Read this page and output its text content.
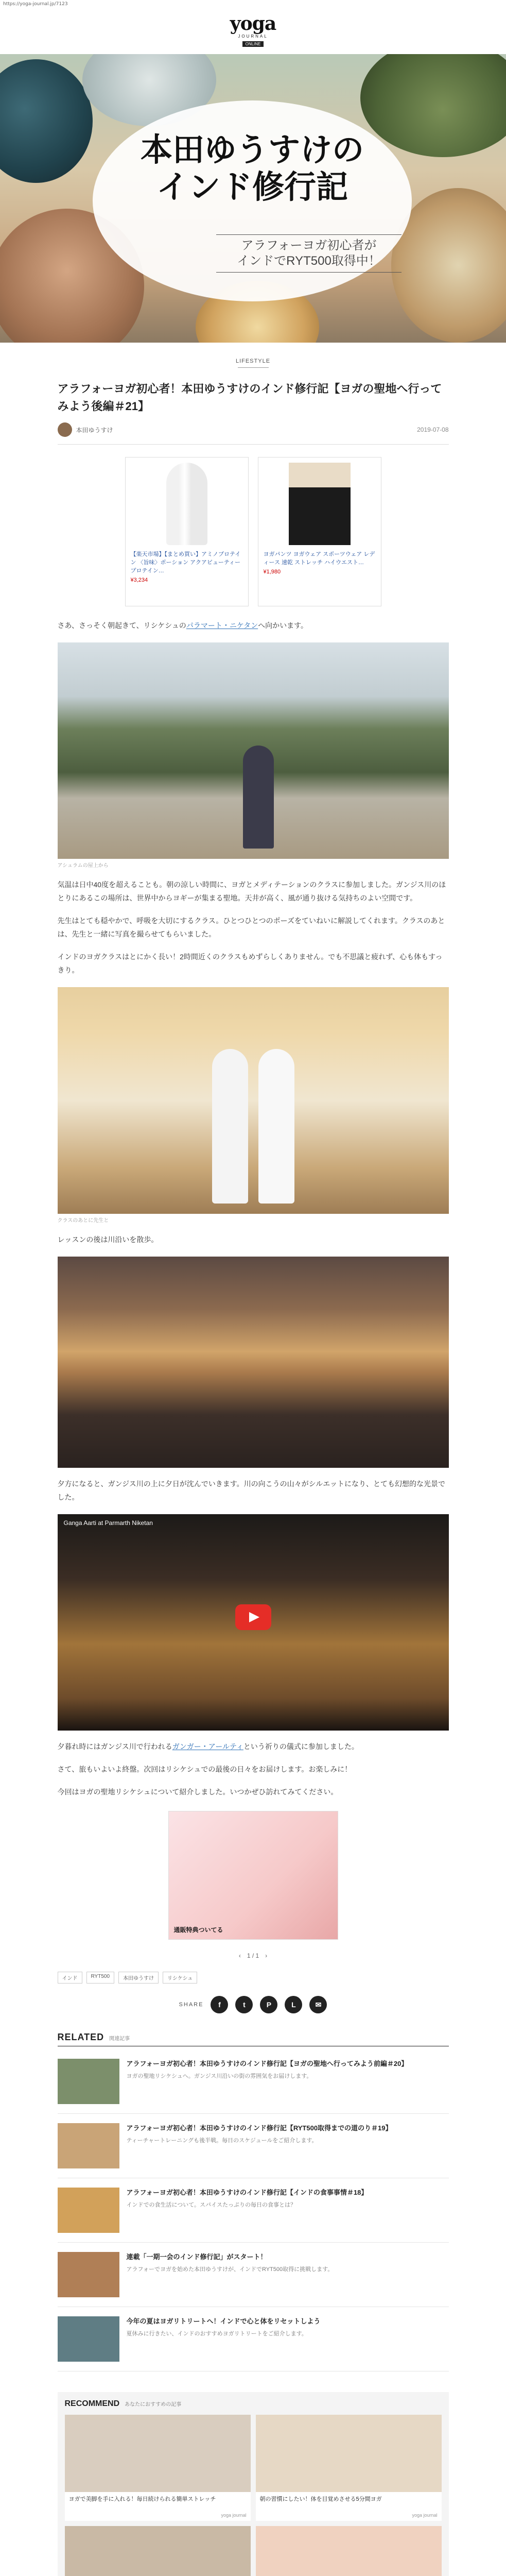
https://yoga-journal.jp/7123
yoga
JOURNAL
ONLINE
本田ゆうすけの
インド修行記
アラフォーヨガ初心者が
インドでRYT500取得中！
LIFESTYLE
アラフォーヨガ初心者！本田ゆうすけのインド修行記【ヨガの聖地へ行ってみよう後編＃21】
本田ゆうすけ	2019-07-08
【楽天市場】【まとめ買い】アミノプロテイン 〈旨味〉ポーション アクアビューティープロテイン…
¥3,234
ヨガパンツ ヨガウェア スポーツウェア レディース 速乾 ストレッチ ハイウエスト…
¥1,980

さあ、さっそく朝起きて、リシケシュのパラマート・ニケタンへ向かいます。

アシュラムの屋上から

気温は日中40度を超えることも。朝の涼しい時間に、ヨガとメディテーションのクラスに参加しました。ガンジス川のほとりにあるこの場所は、世界中からヨギーが集まる聖地。天井が高く、風が通り抜ける気持ちのよい空間です。

先生はとても穏やかで、呼吸を大切にするクラス。ひとつひとつのポーズをていねいに解説してくれます。クラスのあとは、先生と一緒に写真を撮らせてもらいました。

インドのヨガクラスはとにかく長い！2時間近くのクラスもめずらしくありません。でも不思議と疲れず、心も体もすっきり。

クラスのあとに先生と

レッスンの後は川沿いを散歩。

夕方になると、ガンジス川の上に夕日が沈んでいきます。川の向こうの山々がシルエットになり、とても幻想的な光景でした。

Ganga Aarti at Parmarth Niketan

夕暮れ時にはガンジス川で行われるガンガー・アールティという祈りの儀式に参加しました。

さて、旅もいよいよ終盤。次回はリシケシュでの最後の日々をお届けします。お楽しみに！

今回はヨガの聖地リシケシュについて紹介しました。いつかぜひ訪れてみてください。

通販特典ついてる
‹ 1 / 1 ›
インド	RYT500	本田ゆうすけ	リシケシュ
SHARE	f	t	P	L	✉
RELATED 関連記事
アラフォーヨガ初心者！本田ゆうすけのインド修行記【ヨガの聖地へ行ってみよう前編＃20】
ヨガの聖地リシケシュへ。ガンジス川沿いの街の雰囲気をお届けします。
アラフォーヨガ初心者！本田ゆうすけのインド修行記【RYT500取得までの道のり＃19】
ティーチャートレーニングも後半戦。毎日のスケジュールをご紹介します。
アラフォーヨガ初心者！本田ゆうすけのインド修行記【インドの食事事情＃18】
インドでの食生活について。スパイスたっぷりの毎日の食事とは？
連載「一期一会のインド修行記」がスタート！
アラフォーでヨガを始めた本田ゆうすけが、インドでRYT500取得に挑戦します。
今年の夏はヨガリトリートへ！インドで心と体をリセットしよう
夏休みに行きたい、インドのおすすめヨガリトリートをご紹介します。
RECOMMEND あなたにおすすめの記事
ヨガで美脚を手に入れる！毎日続けられる簡単ストレッチ
yoga journal
朝の習慣にしたい！体を目覚めさせる5分間ヨガ
yoga journal
